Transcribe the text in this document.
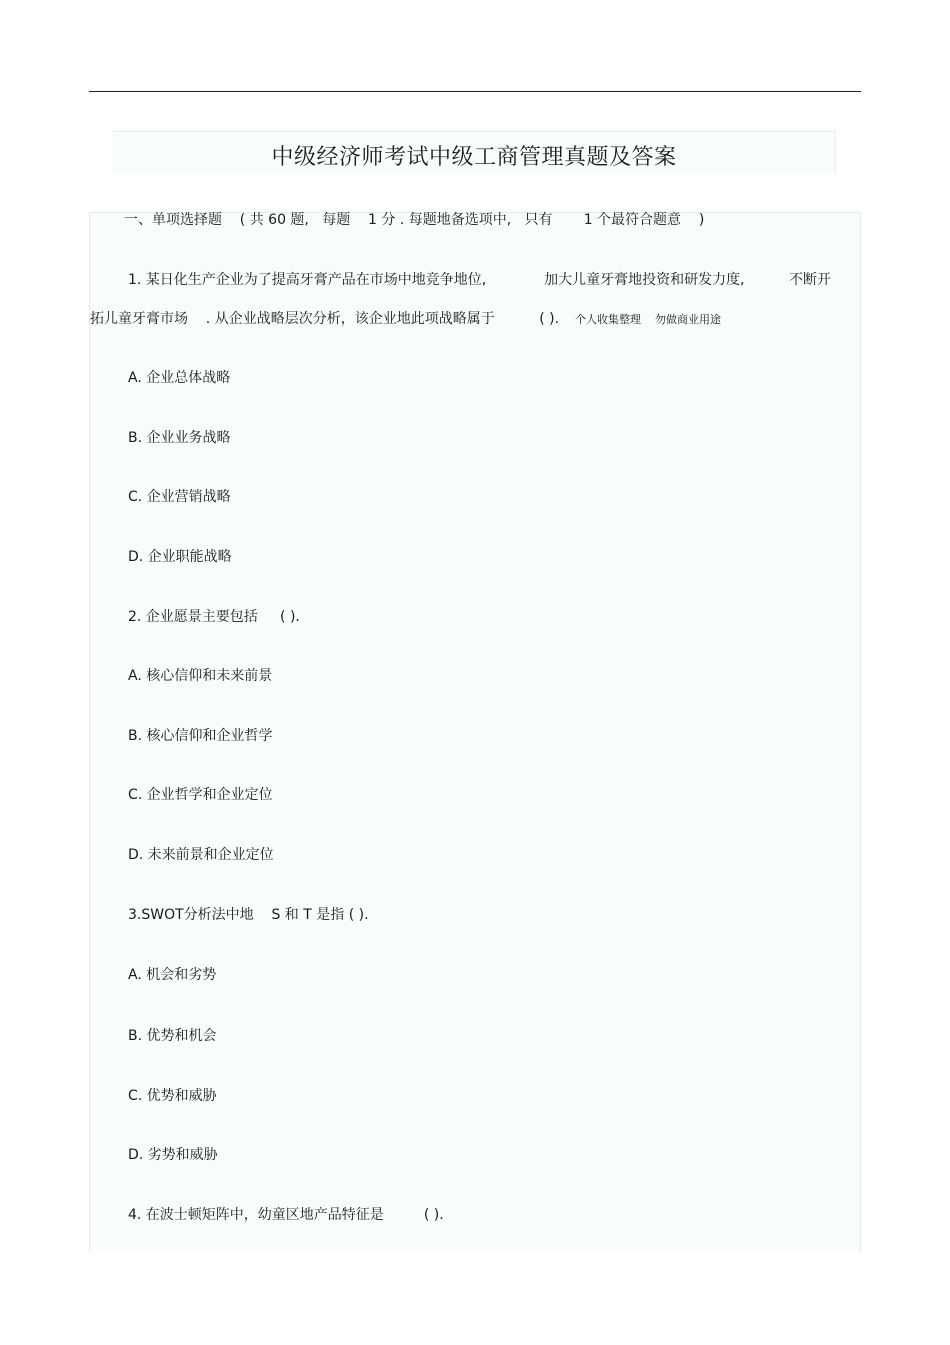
中级经济师考试中级工商管理真题及答案
一、单项选择题    ( 共 60 题,   每题    1 分 . 每题地备选项中,   只有       1 个最符合题意    )
1. 某日化生产企业为了提高牙膏产品在市场中地竞争地位,             加大儿童牙膏地投资和研发力度,          不断开
拓儿童牙膏市场    . 从企业战略层次分析，该企业地此项战略属于          ( ). 个人收集整理    勿做商业用途
A. 企业总体战略
B. 企业业务战略
C. 企业营销战略
D. 企业职能战略
2. 企业愿景主要包括     ( ).
A. 核心信仰和未来前景
B. 核心信仰和企业哲学
C. 企业哲学和企业定位
D. 未来前景和企业定位
3.SWOT分析法中地    S 和 T 是指 ( ).
A. 机会和劣势
B. 优势和机会
C. 优势和威胁
D. 劣势和威胁
4. 在波士顿矩阵中，幼童区地产品特征是         ( ).
